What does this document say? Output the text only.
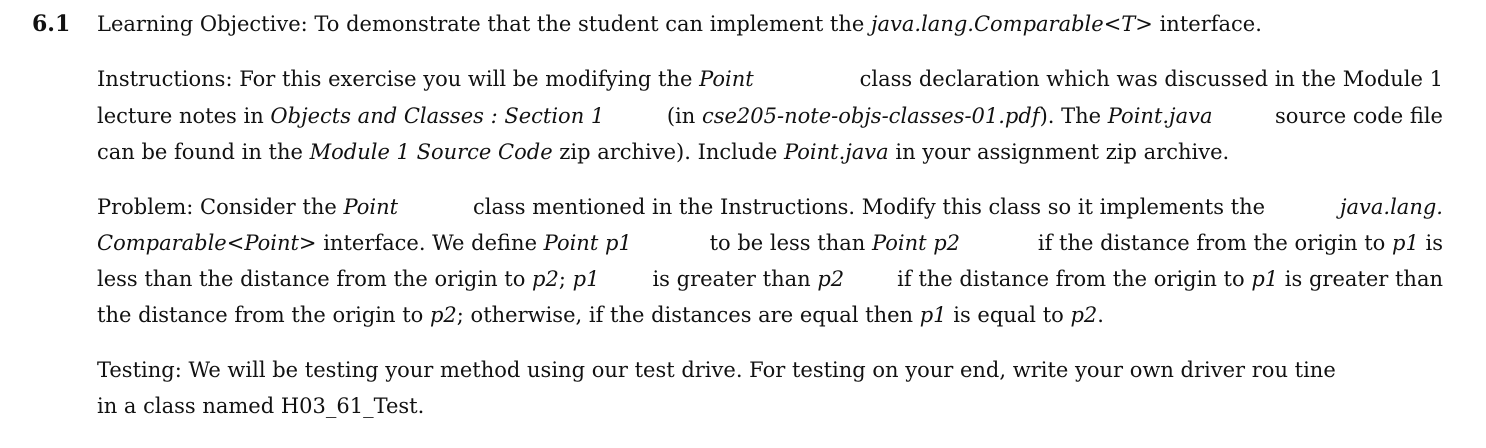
6.1 Learning Objective: To demonstrate that the student can implement the java.lang.Comparable<T> interface.
Instructions: For this exercise you will be modifying the Point	class declaration which was discussed in the Module 1
lecture notes in Objects and Classes : Section 1	(in cse205-note-objs-classes-01.pdf). The Point.java	source code file
can be found in the Module 1 Source Code zip archive). Include Point.java in your assignment zip archive.
Problem: Consider the Point	class mentioned in the Instructions. Modify this class so it implements the	java.lang.
Comparable<Point> interface. We define Point p1	to be less than Point p2	if the distance from the origin to p1 is
less than the distance from the origin to p2; p1 is greater than p2 if the distance from the origin to p1 is greater than
the distance from the origin to p2; otherwise, if the distances are equal then p1 is equal to p2.
Testing: We will be testing your method using our test drive. For testing on your end, write your own driver rou tine
in a class named H03_61_Test.
